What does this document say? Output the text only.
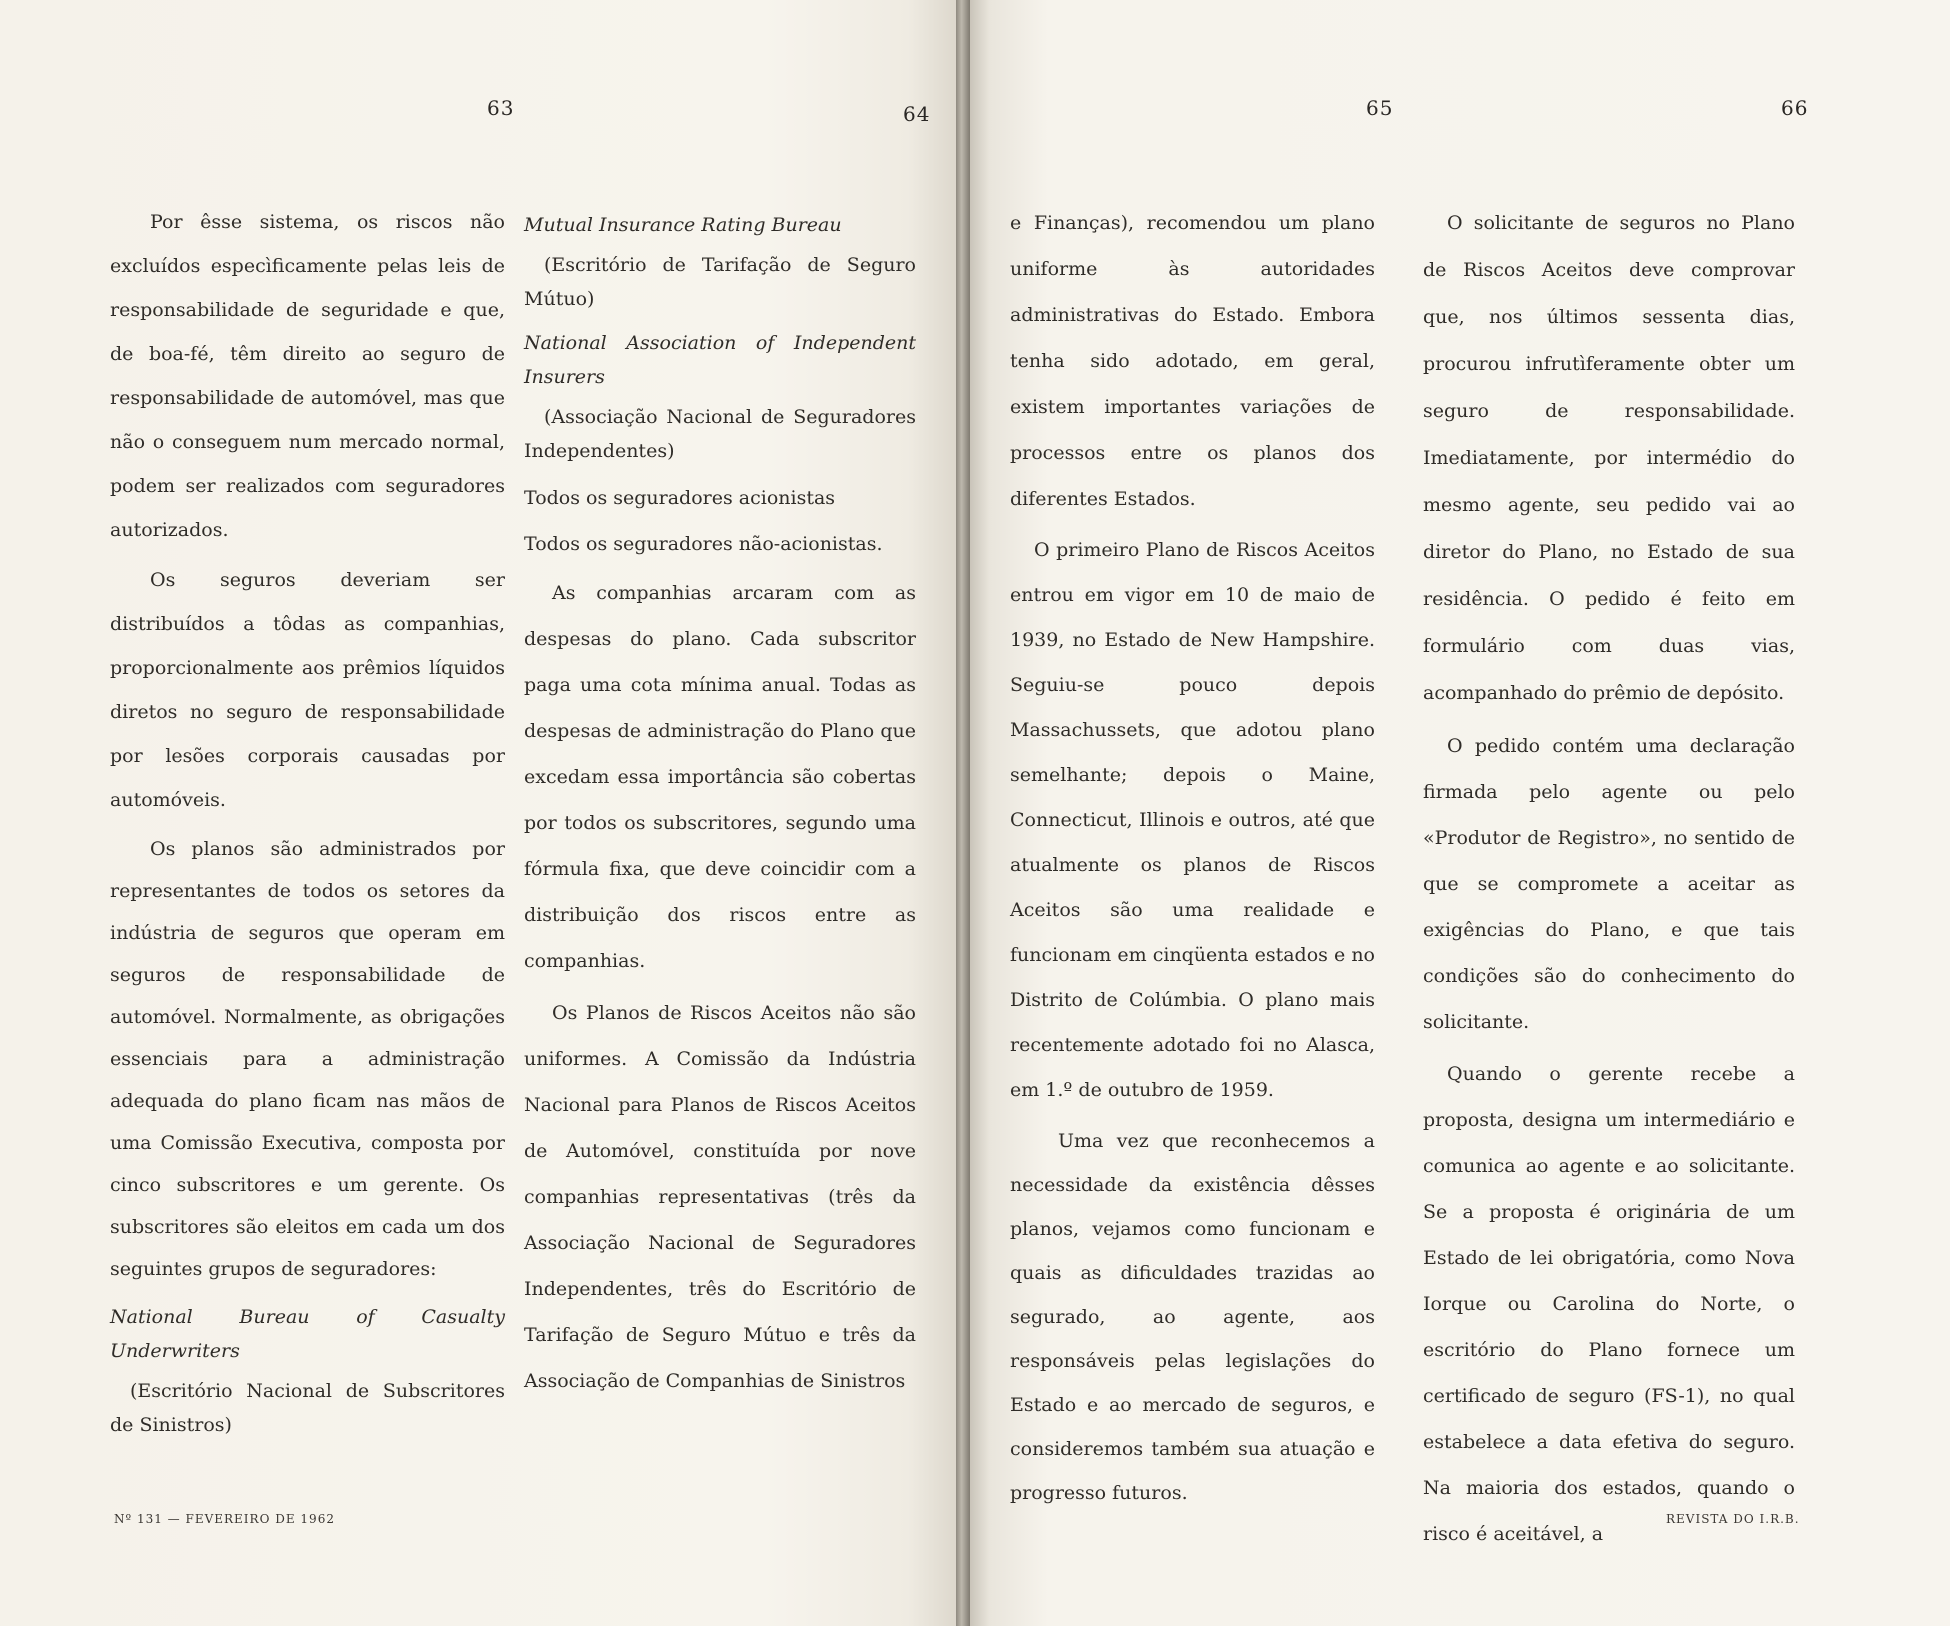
63	64

Por êsse sistema, os riscos não excluídos especìficamente pelas leis de responsabilidade de seguridade e que, de boa-fé, têm direito ao seguro de responsabilidade de automóvel, mas que não o conseguem num mercado normal, podem ser realizados com seguradores autorizados.

Os seguros deveriam ser distribuídos a tôdas as companhias, proporcionalmente aos prêmios líquidos diretos no seguro de responsabilidade por lesões corporais causadas por automóveis.

Os planos são administrados por representantes de todos os setores da indústria de seguros que operam em seguros de responsabilidade de automóvel. Normalmente, as obrigações essenciais para a administração adequada do plano ficam nas mãos de uma Comissão Executiva, composta por cinco subscritores e um gerente. Os subscritores são eleitos em cada um dos seguintes grupos de seguradores:

National Bureau of Casualty Underwriters

(Escritório Nacional de Subscritores de Sinistros)

Mutual Insurance Rating Bureau

(Escritório de Tarifação de Seguro Mútuo)

National Association of Independent Insurers

(Associação Nacional de Seguradores Independentes)

Todos os seguradores acionistas

Todos os seguradores não-acionistas.

As companhias arcaram com as despesas do plano. Cada subscritor paga uma cota mínima anual. Todas as despesas de administração do Plano que excedam essa importância são cobertas por todos os subscritores, segundo uma fórmula fixa, que deve coincidir com a distribuição dos riscos entre as companhias.

Os Planos de Riscos Aceitos não são uniformes. A Comissão da Indústria Nacional para Planos de Riscos Aceitos de Automóvel, constituída por nove companhias representativas (três da Associação Nacional de Seguradores Independentes, três do Escritório de Tarifação de Seguro Mútuo e três da Associação de Companhias de Sinistros

Nº 131 — FEVEREIRO DE 1962
65	66

e Finanças), recomendou um plano uniforme às autoridades administrativas do Estado. Embora tenha sido adotado, em geral, existem importantes variações de processos entre os planos dos diferentes Estados.

O primeiro Plano de Riscos Aceitos entrou em vigor em 10 de maio de 1939, no Estado de New Hampshire. Seguiu-se pouco depois Massachussets, que adotou plano semelhante; depois o Maine, Connecticut, Illinois e outros, até que atualmente os planos de Riscos Aceitos são uma realidade e funcionam em cinqüenta estados e no Distrito de Colúmbia. O plano mais recentemente adotado foi no Alasca, em 1.º de outubro de 1959.

Uma vez que reconhecemos a necessidade da existência dêsses planos, vejamos como funcionam e quais as dificuldades trazidas ao segurado, ao agente, aos responsáveis pelas legislações do Estado e ao mercado de seguros, e consideremos também sua atuação e progresso futuros.

O solicitante de seguros no Plano de Riscos Aceitos deve comprovar que, nos últimos sessenta dias, procurou infrutìferamente obter um seguro de responsabilidade. Imediatamente, por intermédio do mesmo agente, seu pedido vai ao diretor do Plano, no Estado de sua residência. O pedido é feito em formulário com duas vias, acompanhado do prêmio de depósito.

O pedido contém uma declaração firmada pelo agente ou pelo «Produtor de Registro», no sentido de que se compromete a aceitar as exigências do Plano, e que tais condições são do conhecimento do solicitante.

Quando o gerente recebe a proposta, designa um intermediário e comunica ao agente e ao solicitante. Se a proposta é originária de um Estado de lei obrigatória, como Nova Iorque ou Carolina do Norte, o escritório do Plano fornece um certificado de seguro (FS-1), no qual estabelece a data efetiva do seguro. Na maioria dos estados, quando o risco é aceitável, a

REVISTA DO I.R.B.
